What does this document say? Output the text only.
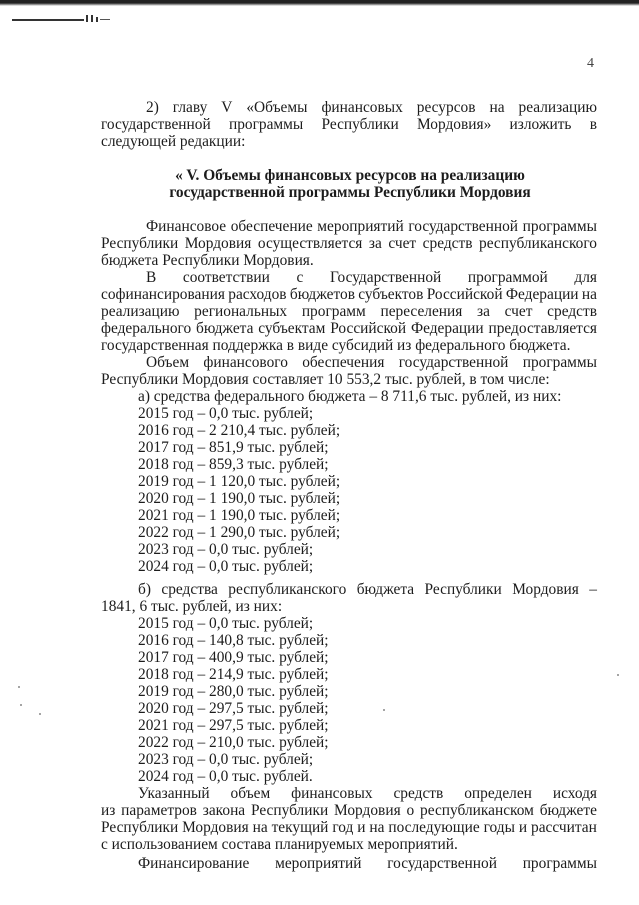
4
2) главу V «Объемы финансовых ресурсов на реализацию
государственной программы Республики Мордовия» изложить в
следующей редакции:
« V. Объемы финансовых ресурсов на реализацию
государственной программы Республики Мордовия
Финансовое обеспечение мероприятий государственной программы
Республики Мордовия осуществляется за счет средств республиканского
бюджета Республики Мордовия.
В соответствии с Государственной программой для
софинансирования расходов бюджетов субъектов Российской Федерации на
реализацию региональных программ переселения за счет средств
федерального бюджета субъектам Российской Федерации предоставляется
государственная поддержка в виде субсидий из федерального бюджета.
Объем финансового обеспечения государственной программы
Республики Мордовия составляет 10 553,2 тыс. рублей, в том числе:
а) средства федерального бюджета – 8 711,6 тыс. рублей, из них:
2015 год – 0,0 тыс. рублей;
2016 год – 2 210,4 тыс. рублей;
2017 год – 851,9 тыс. рублей;
2018 год – 859,3 тыс. рублей;
2019 год – 1 120,0 тыс. рублей;
2020 год – 1 190,0 тыс. рублей;
2021 год – 1 190,0 тыс. рублей;
2022 год – 1 290,0 тыс. рублей;
2023 год – 0,0 тыс. рублей;
2024 год – 0,0 тыс. рублей;
б) средства республиканского бюджета Республики Мордовия –
1841, 6 тыс. рублей, из них:
2015 год – 0,0 тыс. рублей;
2016 год – 140,8 тыс. рублей;
2017 год – 400,9 тыс. рублей;
2018 год – 214,9 тыс. рублей;
2019 год – 280,0 тыс. рублей;
2020 год – 297,5 тыс. рублей;
2021 год – 297,5 тыс. рублей;
2022 год – 210,0 тыс. рублей;
2023 год – 0,0 тыс. рублей;
2024 год – 0,0 тыс. рублей.
Указанный объем финансовых средств определен исходя
из параметров закона Республики Мордовия о республиканском бюджете
Республики Мордовия на текущий год и на последующие годы и рассчитан
с использованием состава планируемых мероприятий.
Финансирование мероприятий государственной программы
